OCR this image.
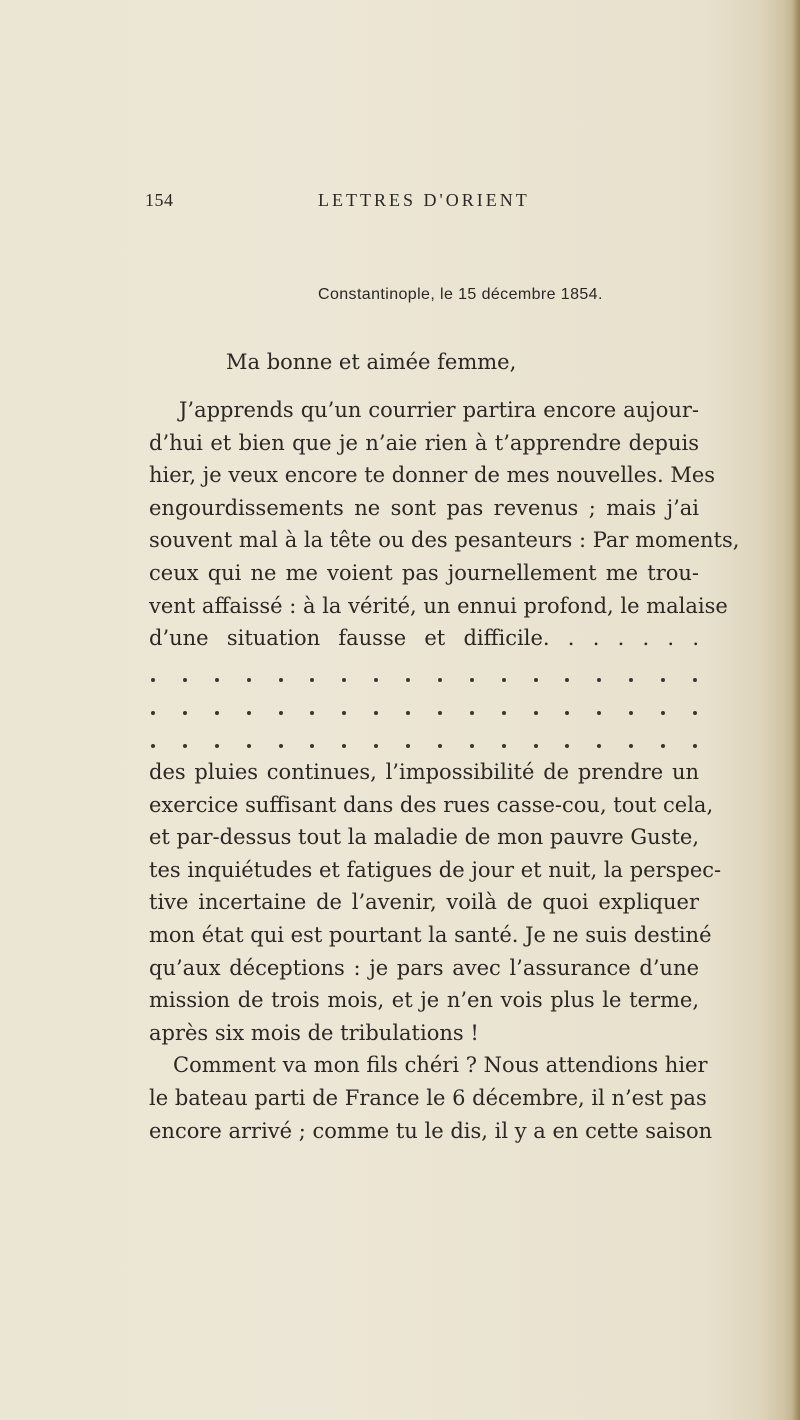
154	LETTRES D'ORIENT
Constantinople, le 15 décembre 1854.
Ma bonne et aimée femme,
J’apprends qu’un courrier partira encore aujour-
d’hui et bien que je n’aie rien à t’apprendre depuis
hier, je veux encore te donner de mes nouvelles. Mes
engourdissements ne sont pas revenus ; mais j’ai
souvent mal à la tête ou des pesanteurs : Par moments,
ceux qui ne me voient pas journellement me trou-
vent affaissé : à la vérité, un ennui profond, le malaise
d’une situation fausse et difficile. . . . . . .
des pluies continues, l’impossibilité de prendre un
exercice suffisant dans des rues casse-cou, tout cela,
et par-dessus tout la maladie de mon pauvre Guste,
tes inquiétudes et fatigues de jour et nuit, la perspec-
tive incertaine de l’avenir, voilà de quoi expliquer
mon état qui est pourtant la santé. Je ne suis destiné
qu’aux déceptions : je pars avec l’assurance d’une
mission de trois mois, et je n’en vois plus le terme,
après six mois de tribulations !
Comment va mon fils chéri ? Nous attendions hier
le bateau parti de France le 6 décembre, il n’est pas
encore arrivé ; comme tu le dis, il y a en cette saison
